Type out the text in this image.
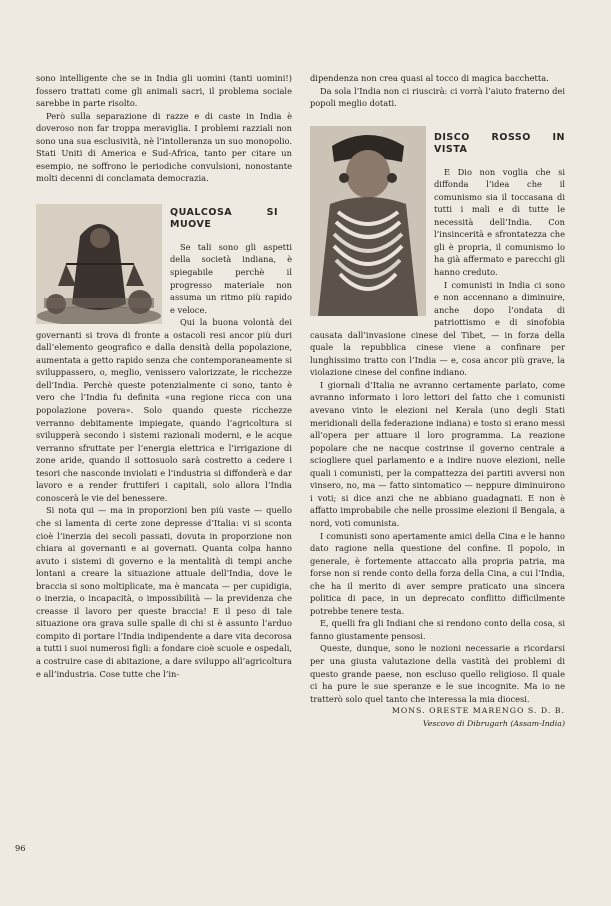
sono intelligente che se in India gli uomini (tanti uomini!) fossero trattati come gli animali sacri, il problema sociale sarebbe in parte risolto.

Però sulla separazione di razze e di caste in India è doveroso non far troppa meraviglia. I problemi razziali non sono una sua esclusività, nè l’intolleranza un suo monopolio. Stati Uniti di America e Sud-Africa, tanto per citare un esempio, ne soffrono le periodiche convulsioni, nonostante molti decenni di conclamata democrazia.

QUALCOSA SI MUOVE

Se tali sono gli aspetti della società indiana, è spiegabile perchè il progresso materiale non assuma un ritmo più rapido e veloce.

Qui la buona volontà dei governanti si trova di fronte a ostacoli resi ancor più duri dall’elemento geografico e dalla densità della popolazione, aumentata a getto rapido senza che contemporaneamente si sviluppassero, o, meglio, venissero valorizzate, le ricchezze dell’India. Perchè queste potenzialmente ci sono, tanto è vero che l’India fu definita «una regione ricca con una popolazione povera». Solo quando queste ricchezze verranno debitamente impiegate, quando l’agricoltura si svilupperà secondo i sistemi razionali moderni, e le acque verranno sfruttate per l’energia elettrica e l’irrigazione di zone aride, quando il sottosuolo sarà costretto a cedere i tesori che nasconde inviolati e l’industria si diffonderà e dar lavoro e a render fruttiferi i capitali, solo allora l’India conoscerà le vie del benessere.

Si nota qui — ma in proporzioni ben più vaste — quello che si lamenta di certe zone depresse d’Italia: vi si sconta cioè l’inerzia dei secoli passati, dovuta in proporzione non chiara ai governanti e ai governati. Quanta colpa hanno avuto i sistemi di governo e la mentalità di tempi anche lontani a creare la situazione attuale dell’India, dove le braccia si sono moltiplicate, ma è mancata — per cupidigia, o inerzia, o incapacità, o impossibilità — la previdenza che creasse il lavoro per queste braccia! E il peso di tale situazione ora grava sulle spalle di chi si è assunto l’arduo compito di portare l’India indipendente a dare vita decorosa a tutti i suoi numerosi figli: a fondare cioè scuole e ospedali, a costruire case di abitazione, a dare sviluppo all’agricoltura e all’industria. Cose tutte che l’in-

dipendenza non crea quasi al tocco di magica bacchetta.

Da sola l’India non ci riuscirà: ci vorrà l’aiuto fraterno dei popoli meglio dotati.

DISCO ROSSO IN VISTA

E Dio non voglia che si diffonda l’idea che il comunismo sia il toccasana di tutti i mali e di tutte le necessità dell’India. Con l’insincerità e sfrontatezza che gli è propria, il comunismo lo ha già affermato e parecchi gli hanno creduto.

I comunisti in India ci sono e non accennano a diminuire, anche dopo l’ondata di patriottismo e di sinofobia causata dall’invasione cinese del Tibet, — in forza della quale la repubblica cinese viene a confinare per lunghissimo tratto con l’India — e, cosa ancor più grave, la violazione cinese del confine indiano.

I giornali d’Italia ne avranno certamente parlato, come avranno informato i loro lettori del fatto che i comunisti avevano vinto le elezioni nel Kerala (uno degli Stati meridionali della federazione indiana) e tosto si erano messi all’opera per attuare il loro programma. La reazione popolare che ne nacque costrinse il governo centrale a sciogliere quel parlamento e a indire nuove elezioni, nelle quali i comunisti, per la compattezza dei partiti avversi non vinsero, no, ma — fatto sintomatico — neppure diminuirono i voti; si dice anzi che ne abbiano guadagnati. E non è affatto improbabile che nelle prossime elezioni il Bengala, a nord, voti comunista.

I comunisti sono apertamente amici della Cina e le hanno dato ragione nella questione del confine. Il popolo, in generale, è fortemente attaccato alla propria patria, ma forse non si rende conto della forza della Cina, a cui l’India, che ha il merito di aver sempre praticato una sincera politica di pace, in un deprecato conflitto difficilmente potrebbe tenere testa.

E, quelli fra gli Indiani che si rendono conto della cosa, si fanno giustamente pensosi.

Queste, dunque, sono le nozioni necessarie a ricordarsi per una giusta valutazione della vastità dei problemi di questo grande paese, non escluso quello religioso. Il quale ci ha pure le sue speranze e le sue incognite. Ma io ne tratterò solo quel tanto che interessa la mia diocesi.

MONS. ORESTE MARENGO S. D. B.
Vescovo di Dibrugarh (Assam-India)
96
